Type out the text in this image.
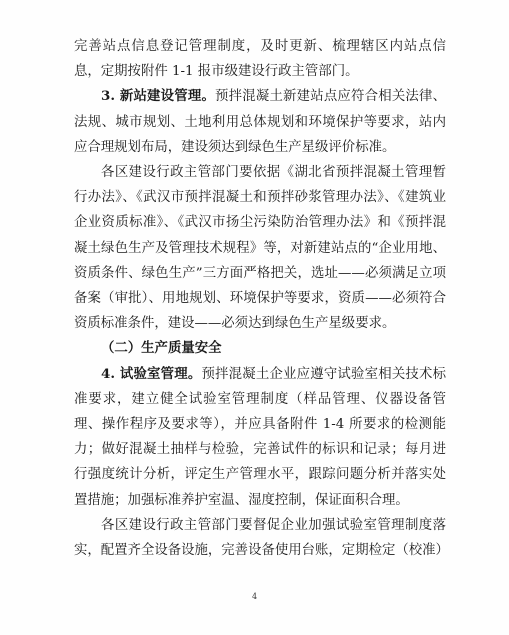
完善站点信息登记管理制度，及时更新、梳理辖区内站点信息，定期按附件 1-1 报市级建设行政主管部门。

3. 新站建设管理。预拌混凝土新建站点应符合相关法律、法规、城市规划、土地利用总体规划和环境保护等要求，站内应合理规划布局，建设须达到绿色生产星级评价标准。

各区建设行政主管部门要依据《湖北省预拌混凝土管理暂行办法》、《武汉市预拌混凝土和预拌砂浆管理办法》、《建筑业企业资质标准》、《武汉市扬尘污染防治管理办法》和《预拌混凝土绿色生产及管理技术规程》等，对新建站点的“企业用地、资质条件、绿色生产”三方面严格把关，选址——必须满足立项备案（审批）、用地规划、环境保护等要求，资质——必须符合资质标准条件，建设——必须达到绿色生产星级要求。

（二）生产质量安全

4. 试验室管理。预拌混凝土企业应遵守试验室相关技术标准要求，建立健全试验室管理制度（样品管理、仪器设备管理、操作程序及要求等），并应具备附件 1-4 所要求的检测能力；做好混凝土抽样与检验，完善试件的标识和记录；每月进行强度统计分析，评定生产管理水平，跟踪问题分析并落实处置措施；加强标准养护室温、湿度控制，保证面积合理。

各区建设行政主管部门要督促企业加强试验室管理制度落实，配置齐全设备设施，完善设备使用台账，定期检定（校准）

4
